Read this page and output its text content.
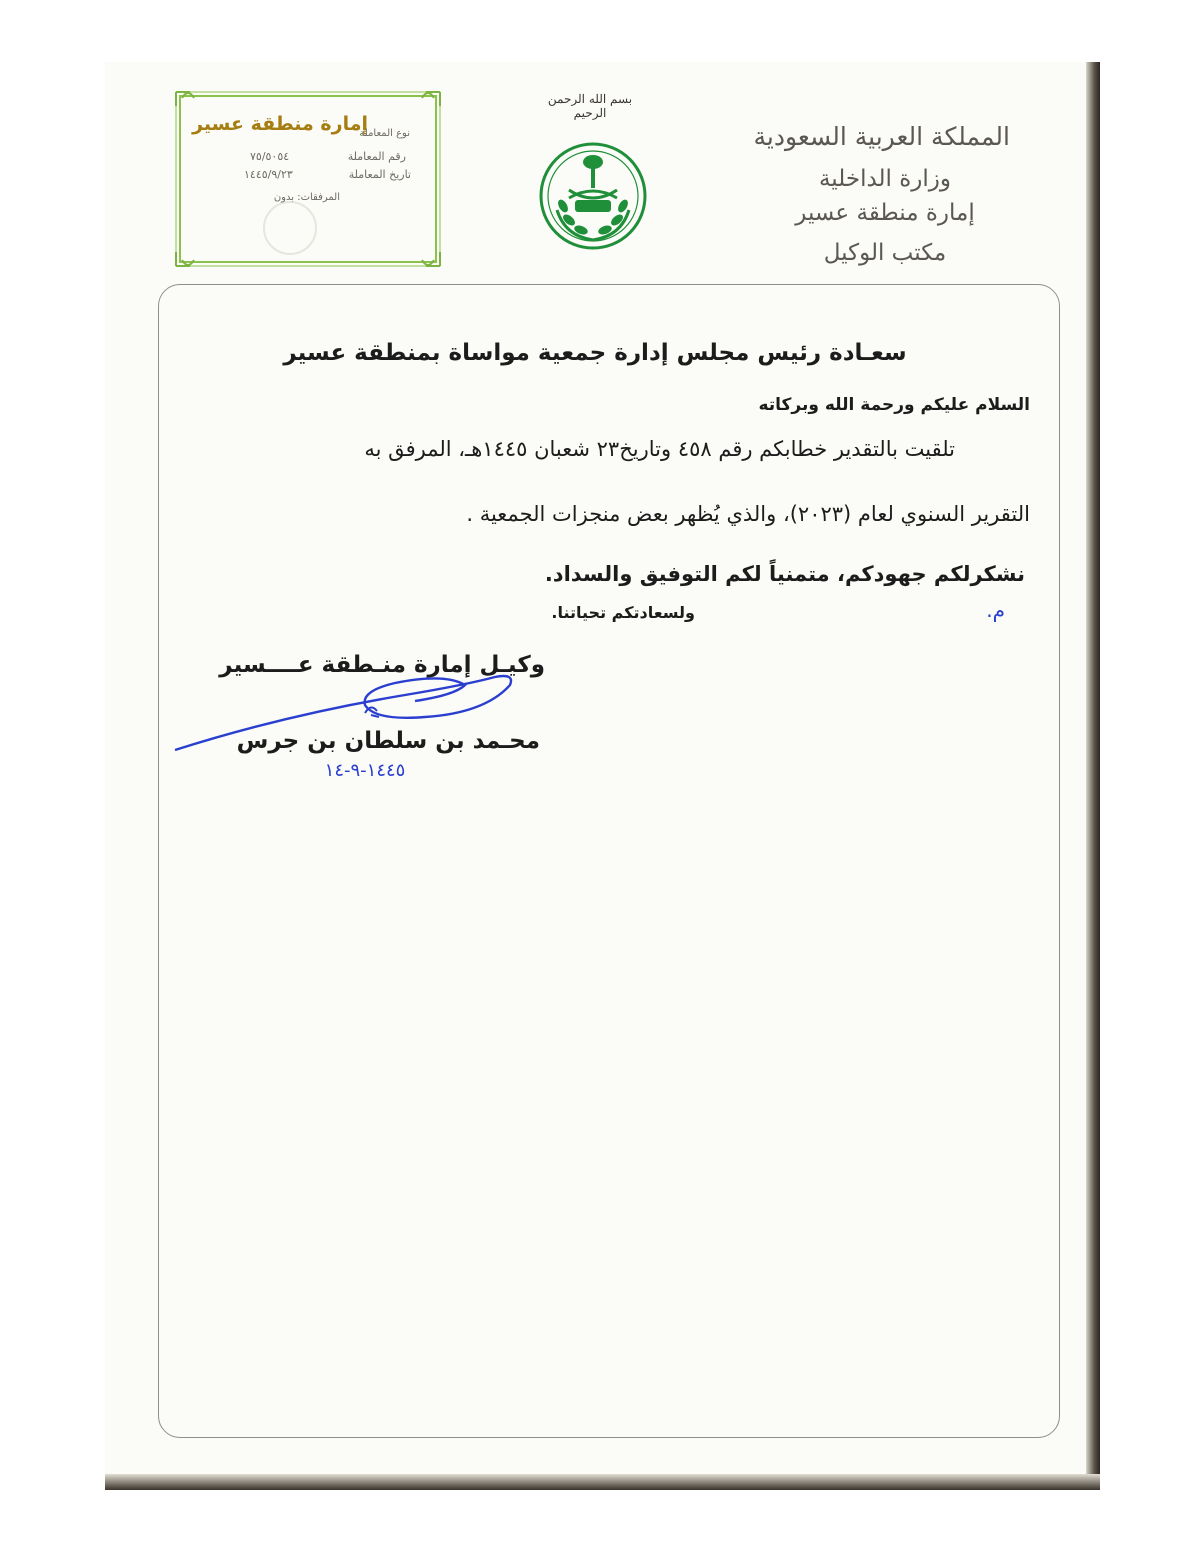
المملكة العربية السعودية
وزارة الداخلية
إمارة منطقة عسير
مكتب الوكيل
بسم الله الرحمن الرحيم
إمارة منطقة عسير
نوع المعاملة
رقم المعاملة
٧٥/٥٠٥٤
تاريخ المعاملة
١٤٤٥/٩/٢٣
المرفقات: بدون
سعـادة رئيس مجلس إدارة جمعية مواساة بمنطقة عسير
السلام عليكم ورحمة الله وبركاته
تلقيت بالتقدير خطابكم رقم ٤٥٨ وتاريخ٢٣ شعبان ١٤٤٥هـ، المرفق به
التقرير السنوي لعام (٢٠٢٣)، والذي يُظهر بعض منجزات الجمعية .
نشكرلكم جهودكم، متمنياً لكم التوفيق والسداد.
ولسعادتكم تحياتنا.	م.
وكيـل إمارة منـطقة عــــسير
محـمد بن سلطان بن جرس
١٤٤٥-٩-١٤
